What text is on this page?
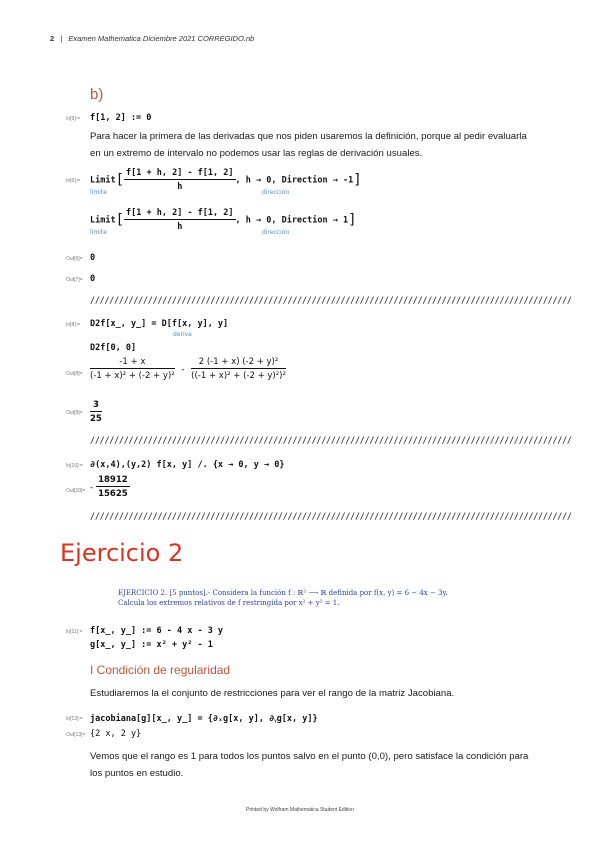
2 | Examen Mathematica Diciembre 2021 CORREGIDO.nb
b)
In[5]:= f[1, 2] := 0
Para hacer la primera de las derivadas que nos piden usaremos la definición, porque al pedir evaluarla en un extremo de intervalo no podemos usar las reglas de derivación usuales.
In[6]:= Limit[ $\frac{f[1 + h, 2] - f[1, 2]}{h}$ , h → 0, Direction → -1]
límite	dirección
Limit[ $\frac{f[1 + h, 2] - f[1, 2]}{h}$ , h → 0, Direction → 1]
límite	dirección
Out[6]= 0
Out[7]= 0
////////////////////////////////////////////////////////////////////////////////////////////////////
In[8]:= D2f[x_, y_] = D[f[x, y], y]
deriva
D2f[0, 0]
$Out[8]= \frac{-1 + x}{\text{(-1 + x)² + (-2 + y)²}} - \frac{\text{2 (-1 + x) (-2 + y)²}}{\text{((-1 + x)² + (-2 + y)²)²}}$
$Out[9]= \frac{3}{25}$
////////////////////////////////////////////////////////////////////////////////////////////////////
In[10]:= ∂(x,4),(y,2) f[x, y] /. {x → 0, y → 0}
$Out[10]= - \frac{18912}{15625}$
////////////////////////////////////////////////////////////////////////////////////////////////////
Ejercicio 2
EJERCICIO 2. [5 puntos].- Considera la función f : ℝ² ⟶ ℝ definida por f(x, y) = 6 − 4x − 3y.
Calcula los extremos relativos de f restringida por x² + y² = 1.
In[11]:= f[x_, y_] := 6 - 4 x - 3 y
g[x_, y_] := x² + y² - 1
I Condición de regularidad
Estudiaremos la el conjunto de restricciones para ver el rango de la matriz Jacobiana.
In[13]:= jacobiana[g][x_, y_] = {∂ₓg[x, y], ∂ᵧg[x, y]}
Out[13]= {2 x, 2 y}
Vemos que el rango es 1 para todos los puntos salvo en el punto (0,0), pero satisface la condición para los puntos en estudio.
Printed by Wolfram Mathematica Student Edition
